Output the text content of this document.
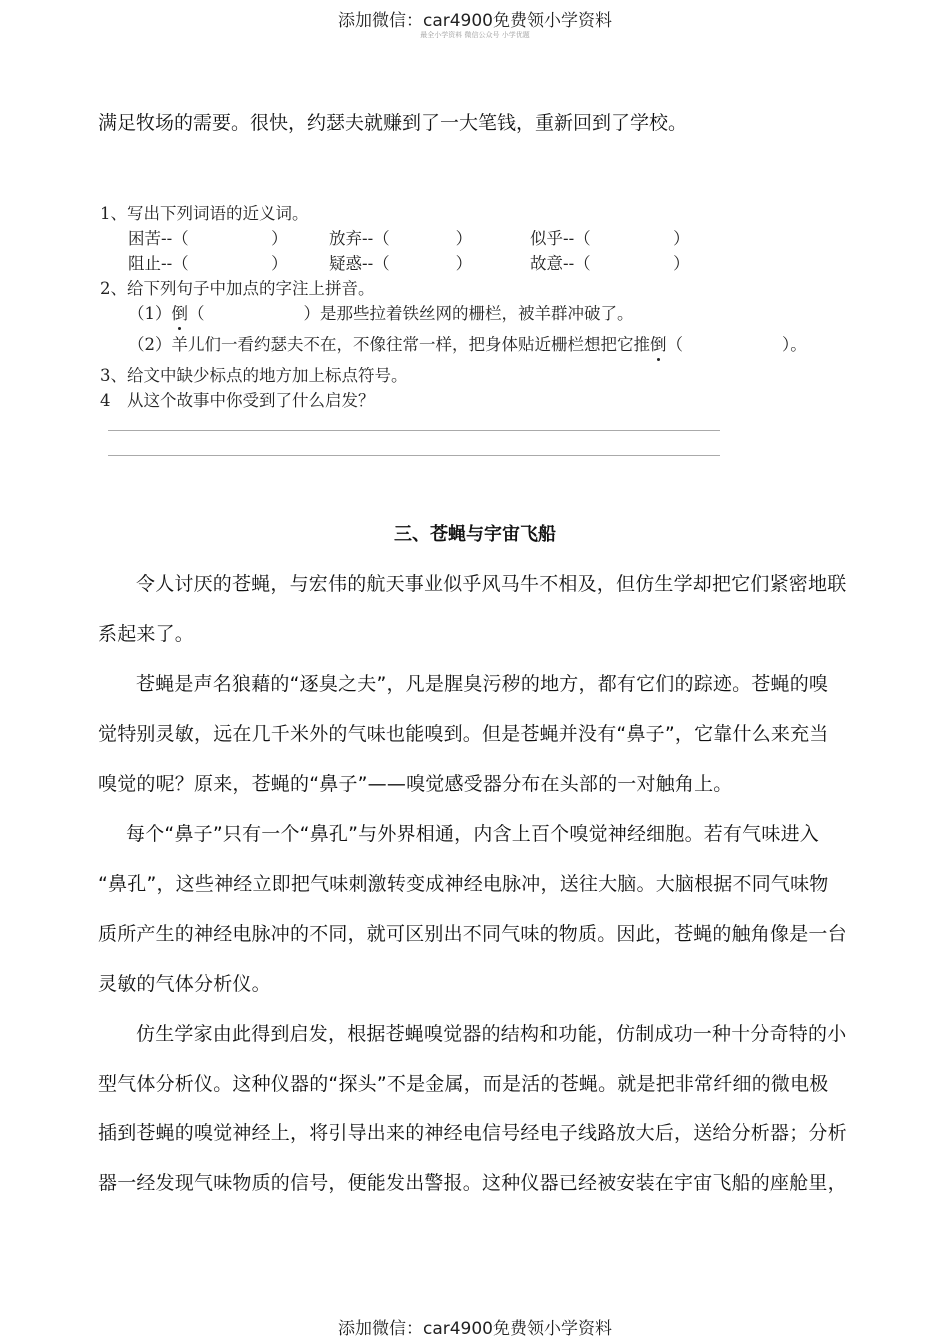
添加微信：car4900免费领小学资料
最全小学资料 微信公众号 小学优题
满足牧场的需要。很快，约瑟夫就赚到了一大笔钱，重新回到了学校。
1、写出下列词语的近义词。
困苦--（　　　　　）	放弃--（　　　　）	似乎--（　　　　　）
阻止--（　　　　　）	疑惑--（　　　　）	故意--（　　　　　）
2、给下列句子中加点的字注上拼音。
（1）倒（　　　　　　）是那些拉着铁丝网的栅栏，被羊群冲破了。
（2）羊儿们一看约瑟夫不在，不像往常一样，把身体贴近栅栏想把它推倒（　　　　　　）。
3、给文中缺少标点的地方加上标点符号。
4　从这个故事中你受到了什么启发？
三、苍蝇与宇宙飞船
令人讨厌的苍蝇，与宏伟的航天事业似乎风马牛不相及，但仿生学却把它们紧密地联
系起来了。
苍蝇是声名狼藉的“逐臭之夫”，凡是腥臭污秽的地方，都有它们的踪迹。苍蝇的嗅
觉特别灵敏，远在几千米外的气味也能嗅到。但是苍蝇并没有“鼻子”，它靠什么来充当
嗅觉的呢？原来，苍蝇的“鼻子”——嗅觉感受器分布在头部的一对触角上。
每个“鼻子”只有一个“鼻孔”与外界相通，内含上百个嗅觉神经细胞。若有气味进入
“鼻孔”，这些神经立即把气味刺激转变成神经电脉冲，送往大脑。大脑根据不同气味物
质所产生的神经电脉冲的不同，就可区别出不同气味的物质。因此，苍蝇的触角像是一台
灵敏的气体分析仪。
仿生学家由此得到启发，根据苍蝇嗅觉器的结构和功能，仿制成功一种十分奇特的小
型气体分析仪。这种仪器的“探头”不是金属，而是活的苍蝇。就是把非常纤细的微电极
插到苍蝇的嗅觉神经上，将引导出来的神经电信号经电子线路放大后，送给分析器；分析
器一经发现气味物质的信号，便能发出警报。这种仪器已经被安装在宇宙飞船的座舱里，
添加微信：car4900免费领小学资料
